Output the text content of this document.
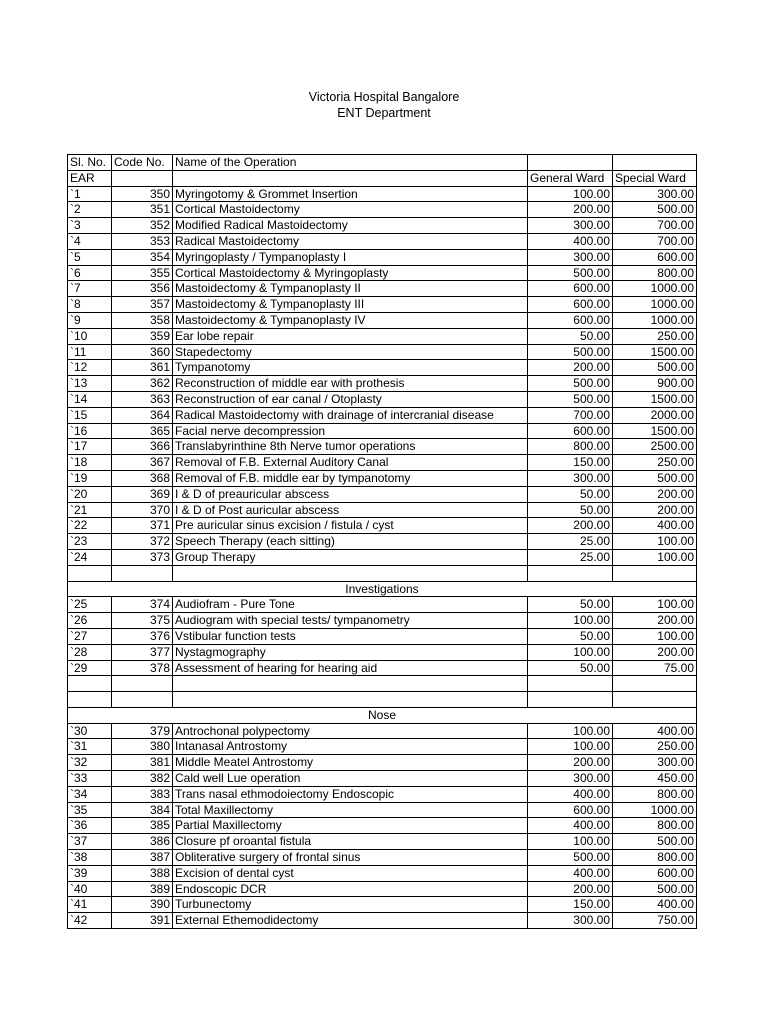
Victoria Hospital Bangalore
ENT Department
Sl. No.	Code No.	Name of the Operation		
EAR			General Ward	Special Ward
`1	350	Myringotomy & Grommet Insertion	100.00	300.00
`2	351	Cortical Mastoidectomy	200.00	500.00
`3	352	Modified Radical Mastoidectomy	300.00	700.00
`4	353	Radical Mastoidectomy	400.00	700.00
`5	354	Myringoplasty / Tympanoplasty I	300.00	600.00
`6	355	Cortical Mastoidectomy & Myringoplasty	500.00	800.00
`7	356	Mastoidectomy & Tympanoplasty II	600.00	1000.00
`8	357	Mastoidectomy & Tympanoplasty III	600.00	1000.00
`9	358	Mastoidectomy & Tympanoplasty IV	600.00	1000.00
`10	359	Ear lobe repair	50.00	250.00
`11	360	Stapedectomy	500.00	1500.00
`12	361	Tympanotomy	200.00	500.00
`13	362	Reconstruction of middle ear with prothesis	500.00	900.00
`14	363	Reconstruction of ear canal / Otoplasty	500.00	1500.00
`15	364	Radical Mastoidectomy with drainage of intercranial disease	700.00	2000.00
`16	365	Facial nerve decompression	600.00	1500.00
`17	366	Translabyrinthine 8th Nerve tumor operations	800.00	2500.00
`18	367	Removal of F.B. External Auditory Canal	150.00	250.00
`19	368	Removal of F.B. middle ear by tympanotomy	300.00	500.00
`20	369	I & D of preauricular abscess	50.00	200.00
`21	370	I & D of Post auricular abscess	50.00	200.00
`22	371	Pre auricular sinus excision / fistula / cyst	200.00	400.00
`23	372	Speech Therapy (each sitting)	25.00	100.00
`24	373	Group Therapy	25.00	100.00

Investigations				
`25	374	Audiofram - Pure Tone	50.00	100.00
`26	375	Audiogram with special tests/ tympanometry	100.00	200.00
`27	376	Vstibular function tests	50.00	100.00
`28	377	Nystagmography	100.00	200.00
`29	378	Assessment of hearing for hearing aid	50.00	75.00

Nose				
`30	379	Antrochonal polypectomy	100.00	400.00
`31	380	Intanasal Antrostomy	100.00	250.00
`32	381	Middle Meatel Antrostomy	200.00	300.00
`33	382	Cald well Lue operation	300.00	450.00
`34	383	Trans nasal ethmodoiectomy Endoscopic	400.00	800.00
`35	384	Total Maxillectomy	600.00	1000.00
`36	385	Partial Maxillectomy	400.00	800.00
`37	386	Closure pf oroantal fistula	100.00	500.00
`38	387	Obliterative surgery of frontal sinus	500.00	800.00
`39	388	Excision of dental cyst	400.00	600.00
`40	389	Endoscopic DCR	200.00	500.00
`41	390	Turbunectomy	150.00	400.00
`42	391	External Ethemodidectomy	300.00	750.00
